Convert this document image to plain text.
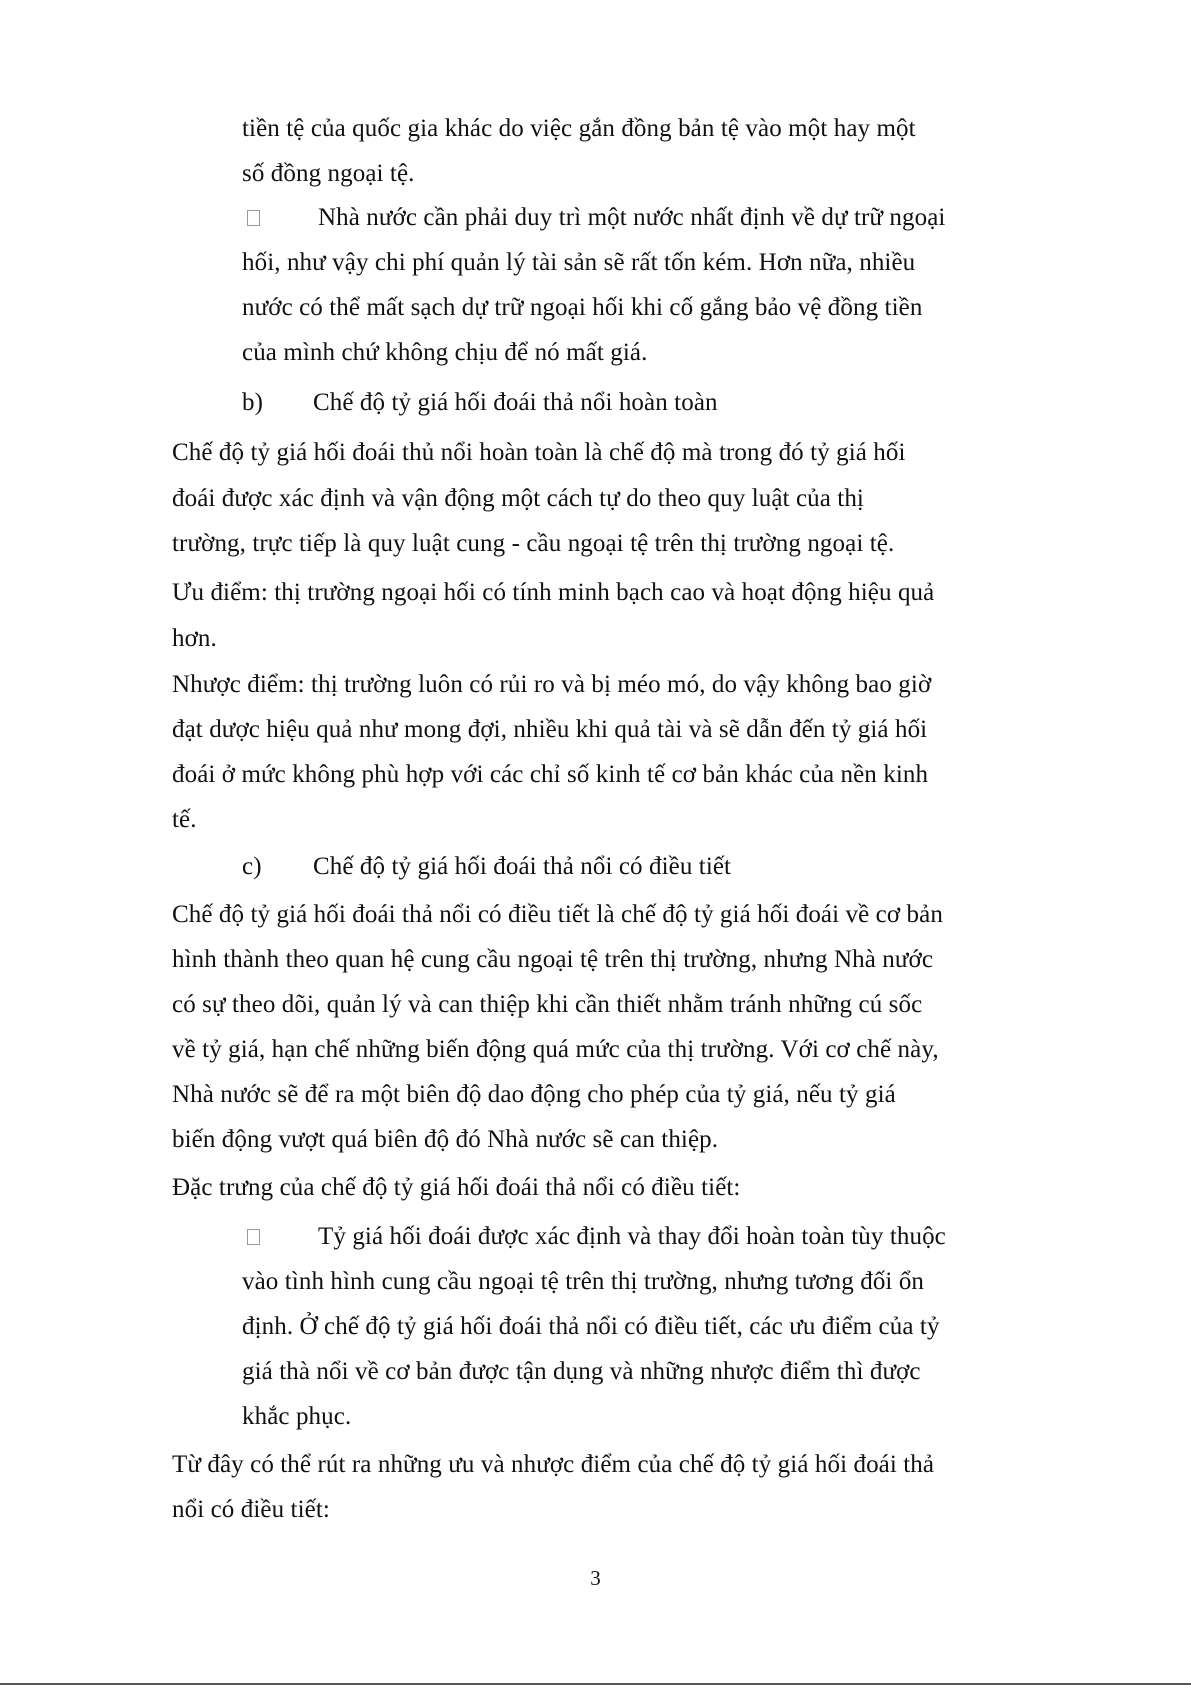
tiền tệ của quốc gia khác do việc gắn đồng bản tệ vào một hay một
số đồng ngoại tệ.
Nhà nước cần phải duy trì một nước nhất định về dự trữ ngoại
hối, như vậy chi phí quản lý tài sản sẽ rất tốn kém. Hơn nữa, nhiều
nước có thể mất sạch dự trữ ngoại hối khi cố gắng bảo vệ đồng tiền
của mình chứ không chịu để nó mất giá.
b) Chế độ tỷ giá hối đoái thả nổi hoàn toàn
Chế độ tỷ giá hối đoái thủ nổi hoàn toàn là chế độ mà trong đó tỷ giá hối
đoái được xác định và vận động một cách tự do theo quy luật của thị
trường, trực tiếp là quy luật cung - cầu ngoại tệ trên thị trường ngoại tệ.
Ưu điểm: thị trường ngoại hối có tính minh bạch cao và hoạt động hiệu quả
hơn.
Nhược điểm: thị trường luôn có rủi ro và bị méo mó, do vậy không bao giờ
đạt dược hiệu quả như mong đợi, nhiều khi quả tài và sẽ dẫn đến tỷ giá hối
đoái ở mức không phù hợp với các chỉ số kinh tế cơ bản khác của nền kinh
tế.
c) Chế độ tỷ giá hối đoái thả nổi có điều tiết
Chế độ tỷ giá hối đoái thả nổi có điều tiết là chế độ tỷ giá hối đoái về cơ bản
hình thành theo quan hệ cung cầu ngoại tệ trên thị trường, nhưng Nhà nước
có sự theo dõi, quản lý và can thiệp khi cần thiết nhằm tránh những cú sốc
về tỷ giá, hạn chế những biến động quá mức của thị trường. Với cơ chế này,
Nhà nước sẽ để ra một biên độ dao động cho phép của tỷ giá, nếu tỷ giá
biến động vượt quá biên độ đó Nhà nước sẽ can thiệp.
Đặc trưng của chế độ tỷ giá hối đoái thả nổi có điều tiết:
Tỷ giá hối đoái được xác định và thay đổi hoàn toàn tùy thuộc
vào tình hình cung cầu ngoại tệ trên thị trường, nhưng tương đối ổn
định. Ở chế độ tỷ giá hối đoái thả nổi có điều tiết, các ưu điểm của tỷ
giá thà nổi về cơ bản được tận dụng và những nhược điểm thì được
khắc phục.
Từ đây có thể rút ra những ưu và nhược điểm của chế độ tỷ giá hối đoái thả
nổi có điều tiết:
3
